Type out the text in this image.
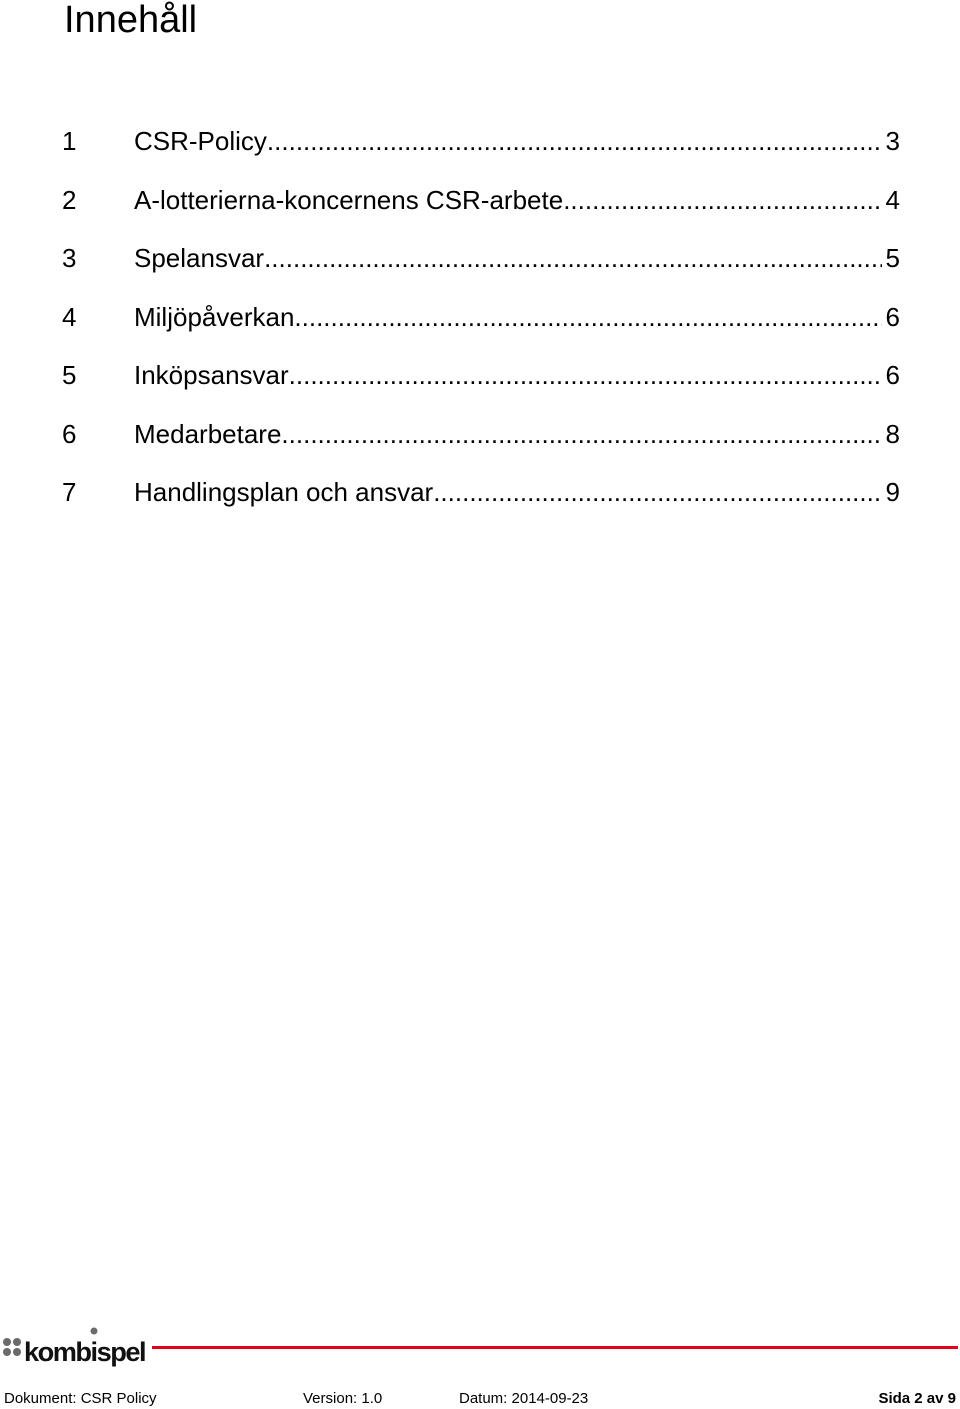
Innehåll
1	CSR-Policy .....	3
2	A-lotterierna-koncernens CSR-arbete .....	4
3	Spelansvar .....	5
4	Miljöpåverkan .....	6
5	Inköpsansvar .....	6
6	Medarbetare .....	8
7	Handlingsplan och ansvar .....	9
kombispel
Dokument: CSR Policy	Version: 1.0	Datum: 2014-09-23	Sida 2 av 9
